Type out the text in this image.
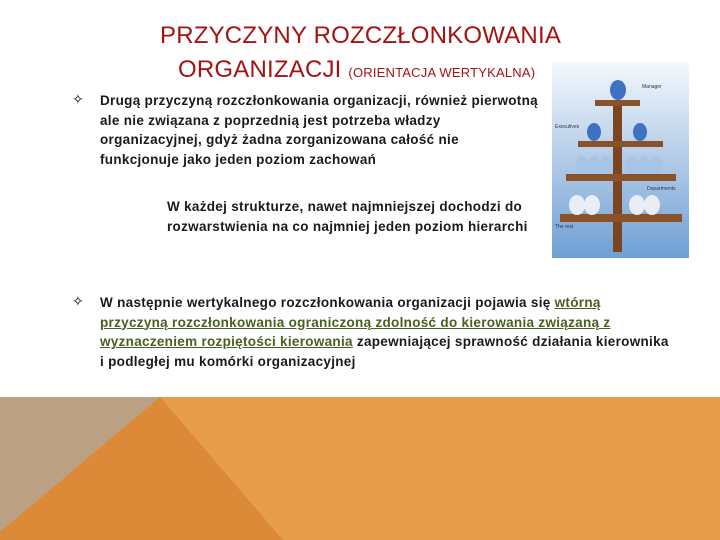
PRZYCZYNY ROZCZŁONKOWANIA
ORGANIZACJI (ORIENTACJA WERTYKALNA)
✧ Drugą przyczyną rozczłonkowania organizacji, również pierwotną ale nie związana z poprzednią jest potrzeba władzy organizacyjnej, gdyż żadna zorganizowana całość nie funkcjonuje jako jeden poziom zachowań
W każdej strukturze, nawet najmniejszej dochodzi do rozwarstwienia na co najmniej jeden poziom hierarchi
✧ W następnie wertykalnego rozczłonkowania organizacji pojawia się wtórną przyczyną rozczłonkowania ograniczoną zdolność do kierowania związaną z wyznaczeniem rozpiętości kierowania zapewniającej sprawność działania kierownika i podległej mu komórki organizacyjnej
Manager
Executives
Departments
The rest
